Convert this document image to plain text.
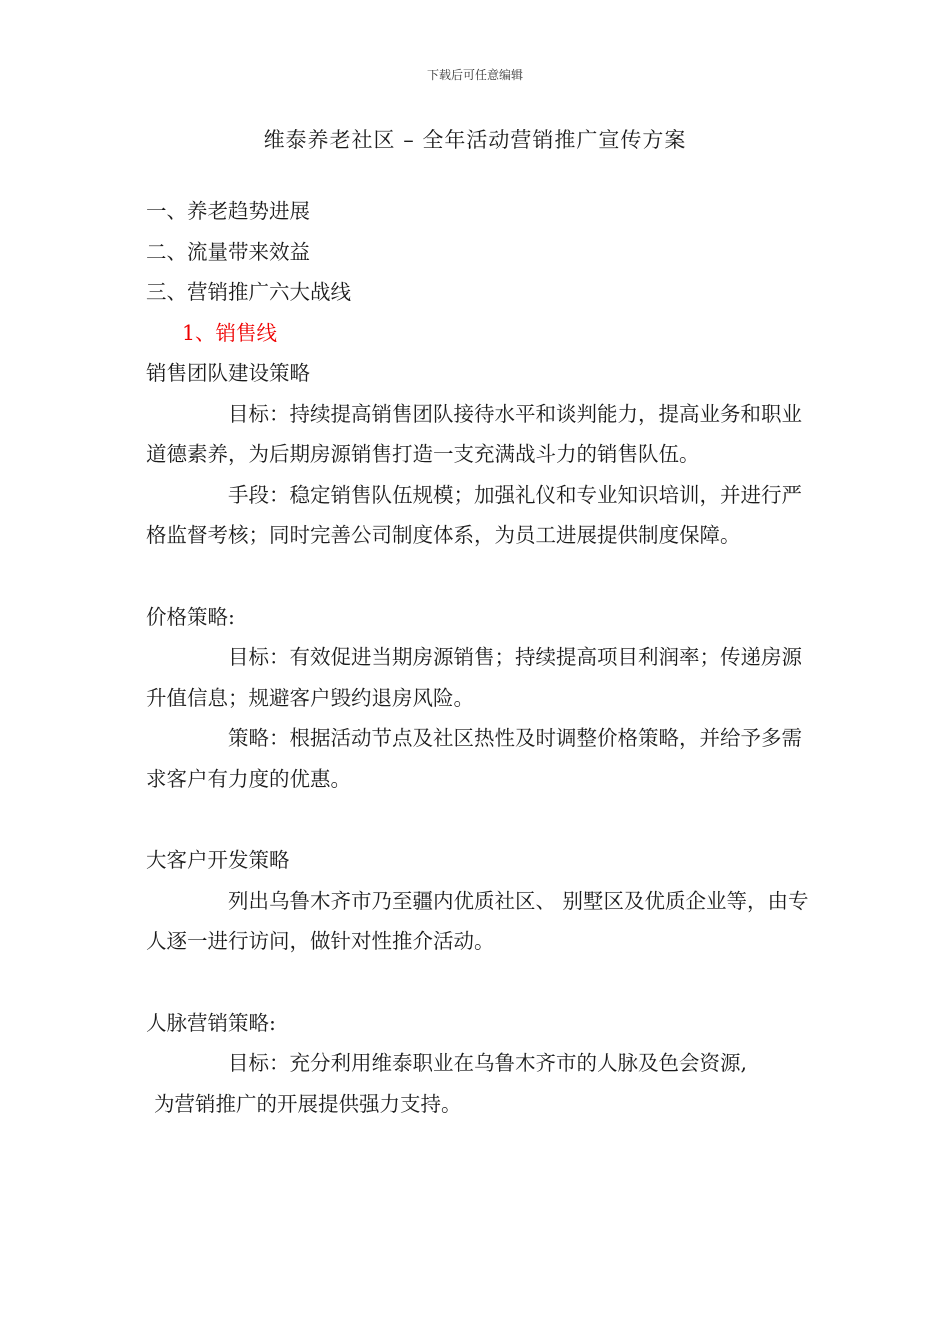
下载后可任意编辑
维泰养老社区 – 全年活动营销推广宣传方案

一、养老趋势进展

二、流量带来效益

三、营销推广六大战线

1、销售线

销售团队建设策略

目标：持续提高销售团队接待水平和谈判能力，提高业务和职业道德素养，为后期房源销售打造一支充满战斗力的销售队伍。

手段：稳定销售队伍规模；加强礼仪和专业知识培训，并进行严格监督考核；同时完善公司制度体系，为员工进展提供制度保障。

价格策略:

目标：有效促进当期房源销售；持续提高项目利润率；传递房源升值信息；规避客户毁约退房风险。

策略：根据活动节点及社区热性及时调整价格策略，并给予多需求客户有力度的优惠。

大客户开发策略

列出乌鲁木齐市乃至疆内优质社区、 别墅区及优质企业等，由专人逐一进行访问，做针对性推介活动。

人脉营销策略:

目标：充分利用维泰职业在乌鲁木齐市的人脉及色会资源,

为营销推广的开展提供强力支持。
